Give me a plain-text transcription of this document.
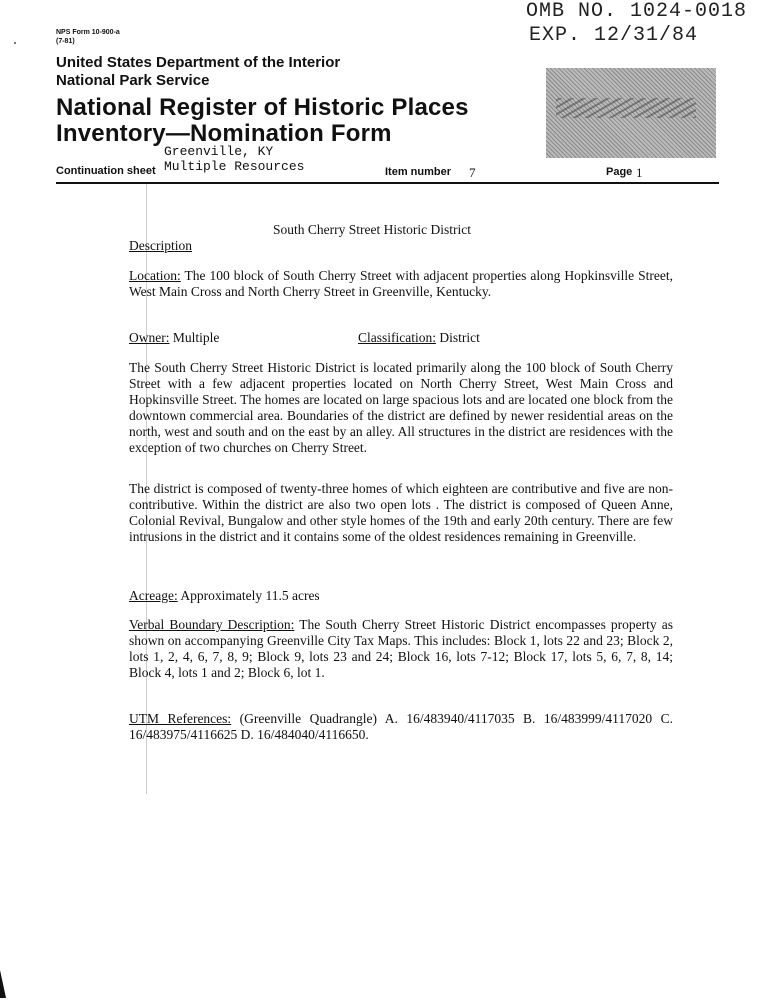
NPS Form 10-900-a
(7-81)
OMB NO. 1024-0018
EXP. 12/31/84
United States Department of the Interior
National Park Service
National Register of Historic Places
Inventory—Nomination Form
Greenville, KY
Multiple Resources
Continuation sheet	Item number 7	Page 1
South Cherry Street Historic District
Description
Location: The 100 block of South Cherry Street with adjacent properties along Hopkinsville Street, West Main Cross and North Cherry Street in Greenville, Kentucky.
Owner: Multiple	Classification: District
The South Cherry Street Historic District is located primarily along the 100 block of South Cherry Street with a few adjacent properties located on North Cherry Street, West Main Cross and Hopkinsville Street. The homes are located on large spacious lots and are located one block from the downtown commercial area. Boundaries of the district are defined by newer residential areas on the north, west and south and on the east by an alley. All structures in the district are residences with the exception of two churches on Cherry Street.
The district is composed of twenty-three homes of which eighteen are contributive and five are non-contributive. Within the district are also two open lots . The district is composed of Queen Anne, Colonial Revival, Bungalow and other style homes of the 19th and early 20th century. There are few intrusions in the district and it contains some of the oldest residences remaining in Greenville.
Acreage: Approximately 11.5 acres
Verbal Boundary Description: The South Cherry Street Historic District encompasses property as shown on accompanying Greenville City Tax Maps. This includes: Block 1, lots 22 and 23; Block 2, lots 1, 2, 4, 6, 7, 8, 9; Block 9, lots 23 and 24; Block 16, lots 7-12; Block 17, lots 5, 6, 7, 8, 14; Block 4, lots 1 and 2; Block 6, lot 1.
UTM References: (Greenville Quadrangle) A. 16/483940/4117035 B. 16/483999/4117020 C. 16/483975/4116625 D. 16/484040/4116650.
